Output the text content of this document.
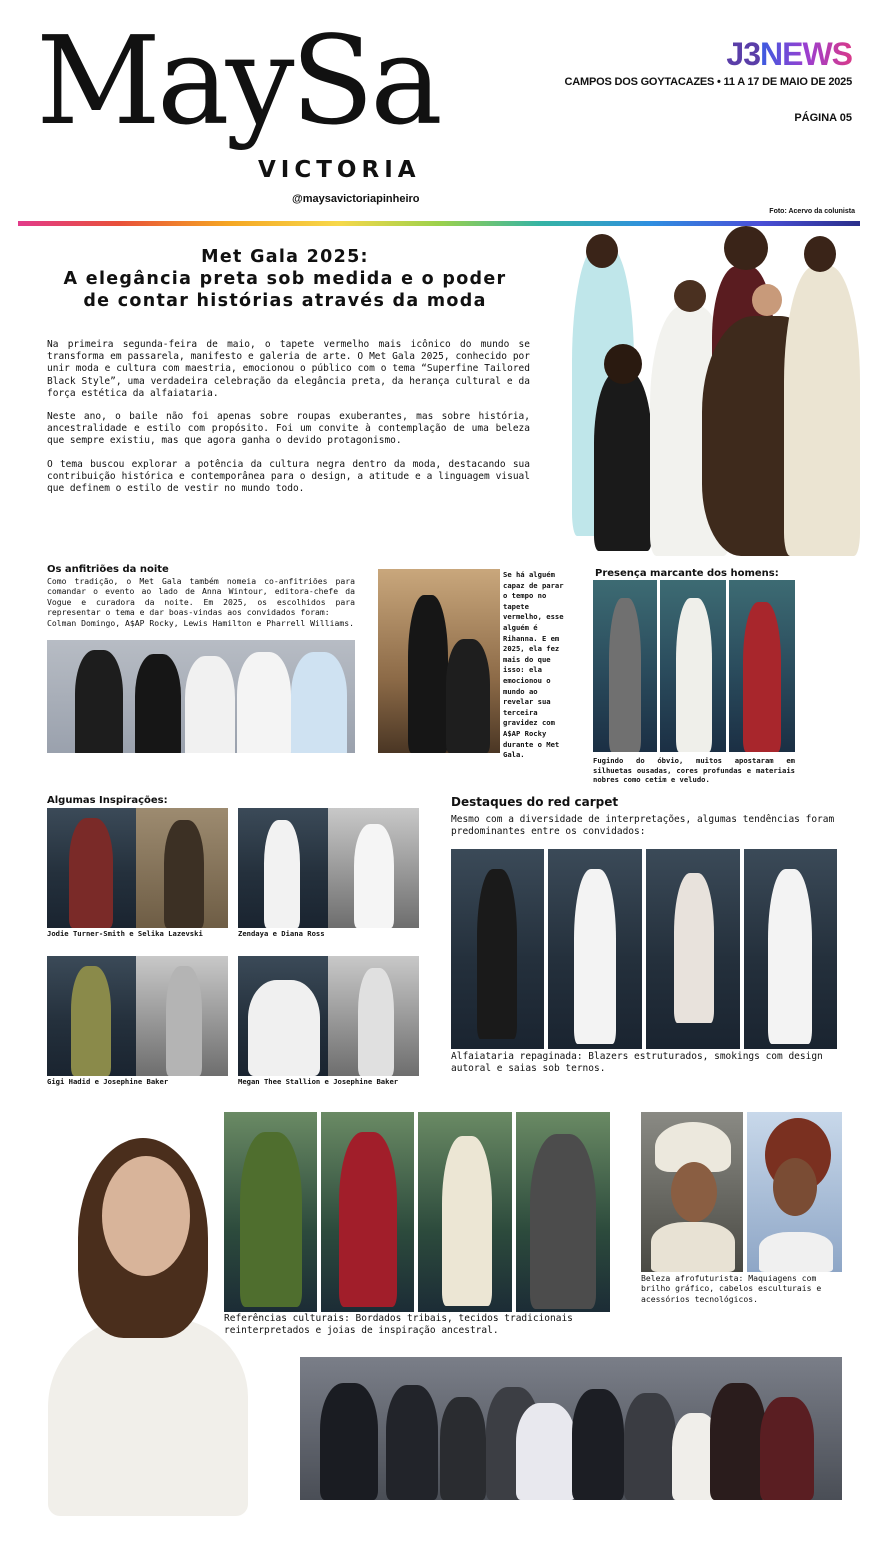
MaySa
VICTORIA
@maysavictoriapinheiro
J3NEWS
CAMPOS DOS GOYTACAZES • 11 A 17 DE MAIO DE 2025
PÁGINA 05
Foto: Acervo da colunista
Met Gala 2025:
A elegância preta sob medida e o poder
de contar histórias através da moda

Na primeira segunda-feira de maio, o tapete vermelho mais icônico do mundo se transforma em passarela, manifesto e galeria de arte. O Met Gala 2025, conhecido por unir moda e cultura com maestria, emocionou o público com o tema “Superfine Tailored Black Style”, uma verdadeira celebração da elegância preta, da herança cultural e da força estética da alfaiataria.

Neste ano, o baile não foi apenas sobre roupas exuberantes, mas sobre história, ancestralidade e estilo com propósito. Foi um convite à contemplação de uma beleza que sempre existiu, mas que agora ganha o devido protagonismo.

O tema buscou explorar a potência da cultura negra dentro da moda, destacando sua contribuição histórica e contemporânea para o design, a atitude e a linguagem visual que definem o estilo de vestir no mundo todo.

Os anfitriões da noite
Como tradição, o Met Gala também nomeia co-anfitriões para comandar o evento ao lado de Anna Wintour, editora-chefe da Vogue e curadora da noite. Em 2025, os escolhidos para representar o tema e dar boas-vindas aos convidados foram:
Colman Domingo, A$AP Rocky, Lewis Hamilton e Pharrell Williams.
Se há alguém capaz de parar o tempo no tapete vermelho, esse alguém é Rihanna. E em 2025, ela fez mais do que isso: ela emocionou o mundo ao revelar sua terceira gravidez com A$AP Rocky durante o Met Gala.
Presença marcante dos homens:
Fugindo do óbvio, muitos apostaram em silhuetas ousadas, cores profundas e materiais nobres como cetim e veludo.
Algumas Inspirações:
Jodie Turner-Smith e Selika Lazevski	Zendaya e Diana Ross
Gigi Hadid e Josephine Baker	Megan Thee Stallion e Josephine Baker
Destaques do red carpet
Mesmo com a diversidade de interpretações, algumas tendências foram predominantes entre os convidados:
Alfaiataria repaginada: Blazers estruturados, smokings com design autoral e saias sob ternos.
Referências culturais: Bordados tribais, tecidos tradicionais reinterpretados e joias de inspiração ancestral.
Beleza afrofuturista: Maquiagens com brilho gráfico, cabelos esculturais e acessórios tecnológicos.
